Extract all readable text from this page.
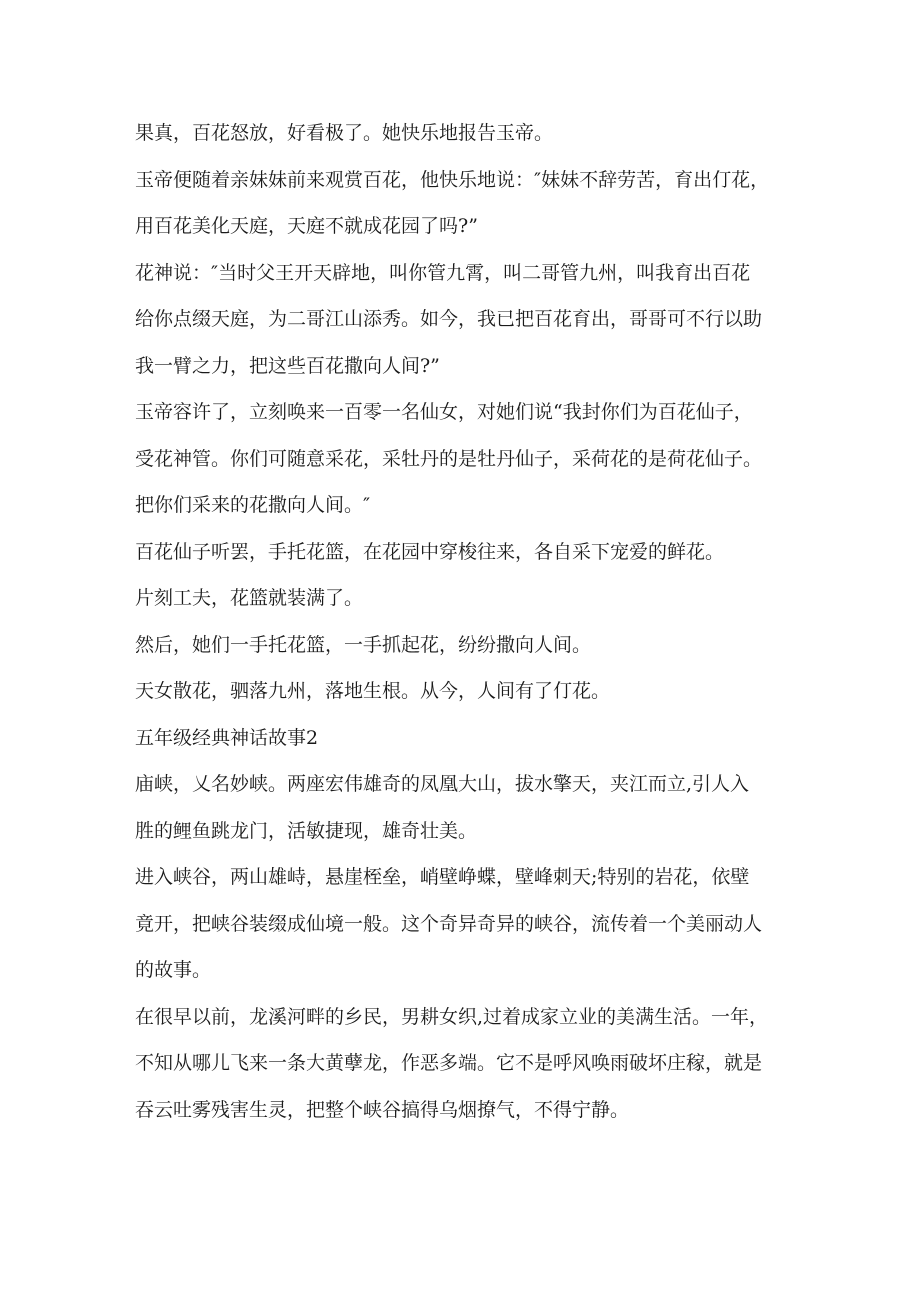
果真，百花怒放，好看极了。她快乐地报告玉帝。
玉帝便随着亲妹妹前来观赏百花，他快乐地说：″妹妹不辞劳苦，育出仃花，
用百花美化天庭，天庭不就成花园了吗?”
花神说：″当时父王开天辟地，叫你管九霄，叫二哥管九州，叫我育出百花
给你点缀天庭，为二哥江山添秀。如今，我已把百花育出，哥哥可不行以助
我一臂之力，把这些百花撒向人间?”
玉帝容许了，立刻唤来一百零一名仙女，对她们说“我封你们为百花仙子，
受花神管。你们可随意采花，采牡丹的是牡丹仙子，采荷花的是荷花仙子。
把你们采来的花撒向人间。″
百花仙子听罢，手托花篮，在花园中穿梭往来，各自采下宠爱的鲜花。
片刻工夫，花篮就装满了。
然后，她们一手托花篮，一手抓起花，纷纷撒向人间。
天女散花，驷落九州，落地生根。从今，人间有了仃花。
五年级经典神话故事2
庙峡，乂名妙峡。两座宏伟雄奇的凤凰大山，拔水擎天，夹江而立,引人入
胜的鲤鱼跳龙门，活敏捷现，雄奇壮美。
进入峡谷，两山雄峙，悬崖桎垒，峭壁峥蝶，壁峰刺天;特别的岩花，依壁
竟开，把峡谷装缀成仙境一般。这个奇异奇异的峡谷，流传着一个美丽动人
的故事。
在很早以前，龙溪河畔的乡民，男耕女织,过着成家立业的美满生活。一年，
不知从哪儿飞来一条大黄孽龙，作恶多端。它不是呼风唤雨破坏庄稼，就是
吞云吐雾残害生灵，把整个峡谷搞得乌烟撩气，不得宁静。
